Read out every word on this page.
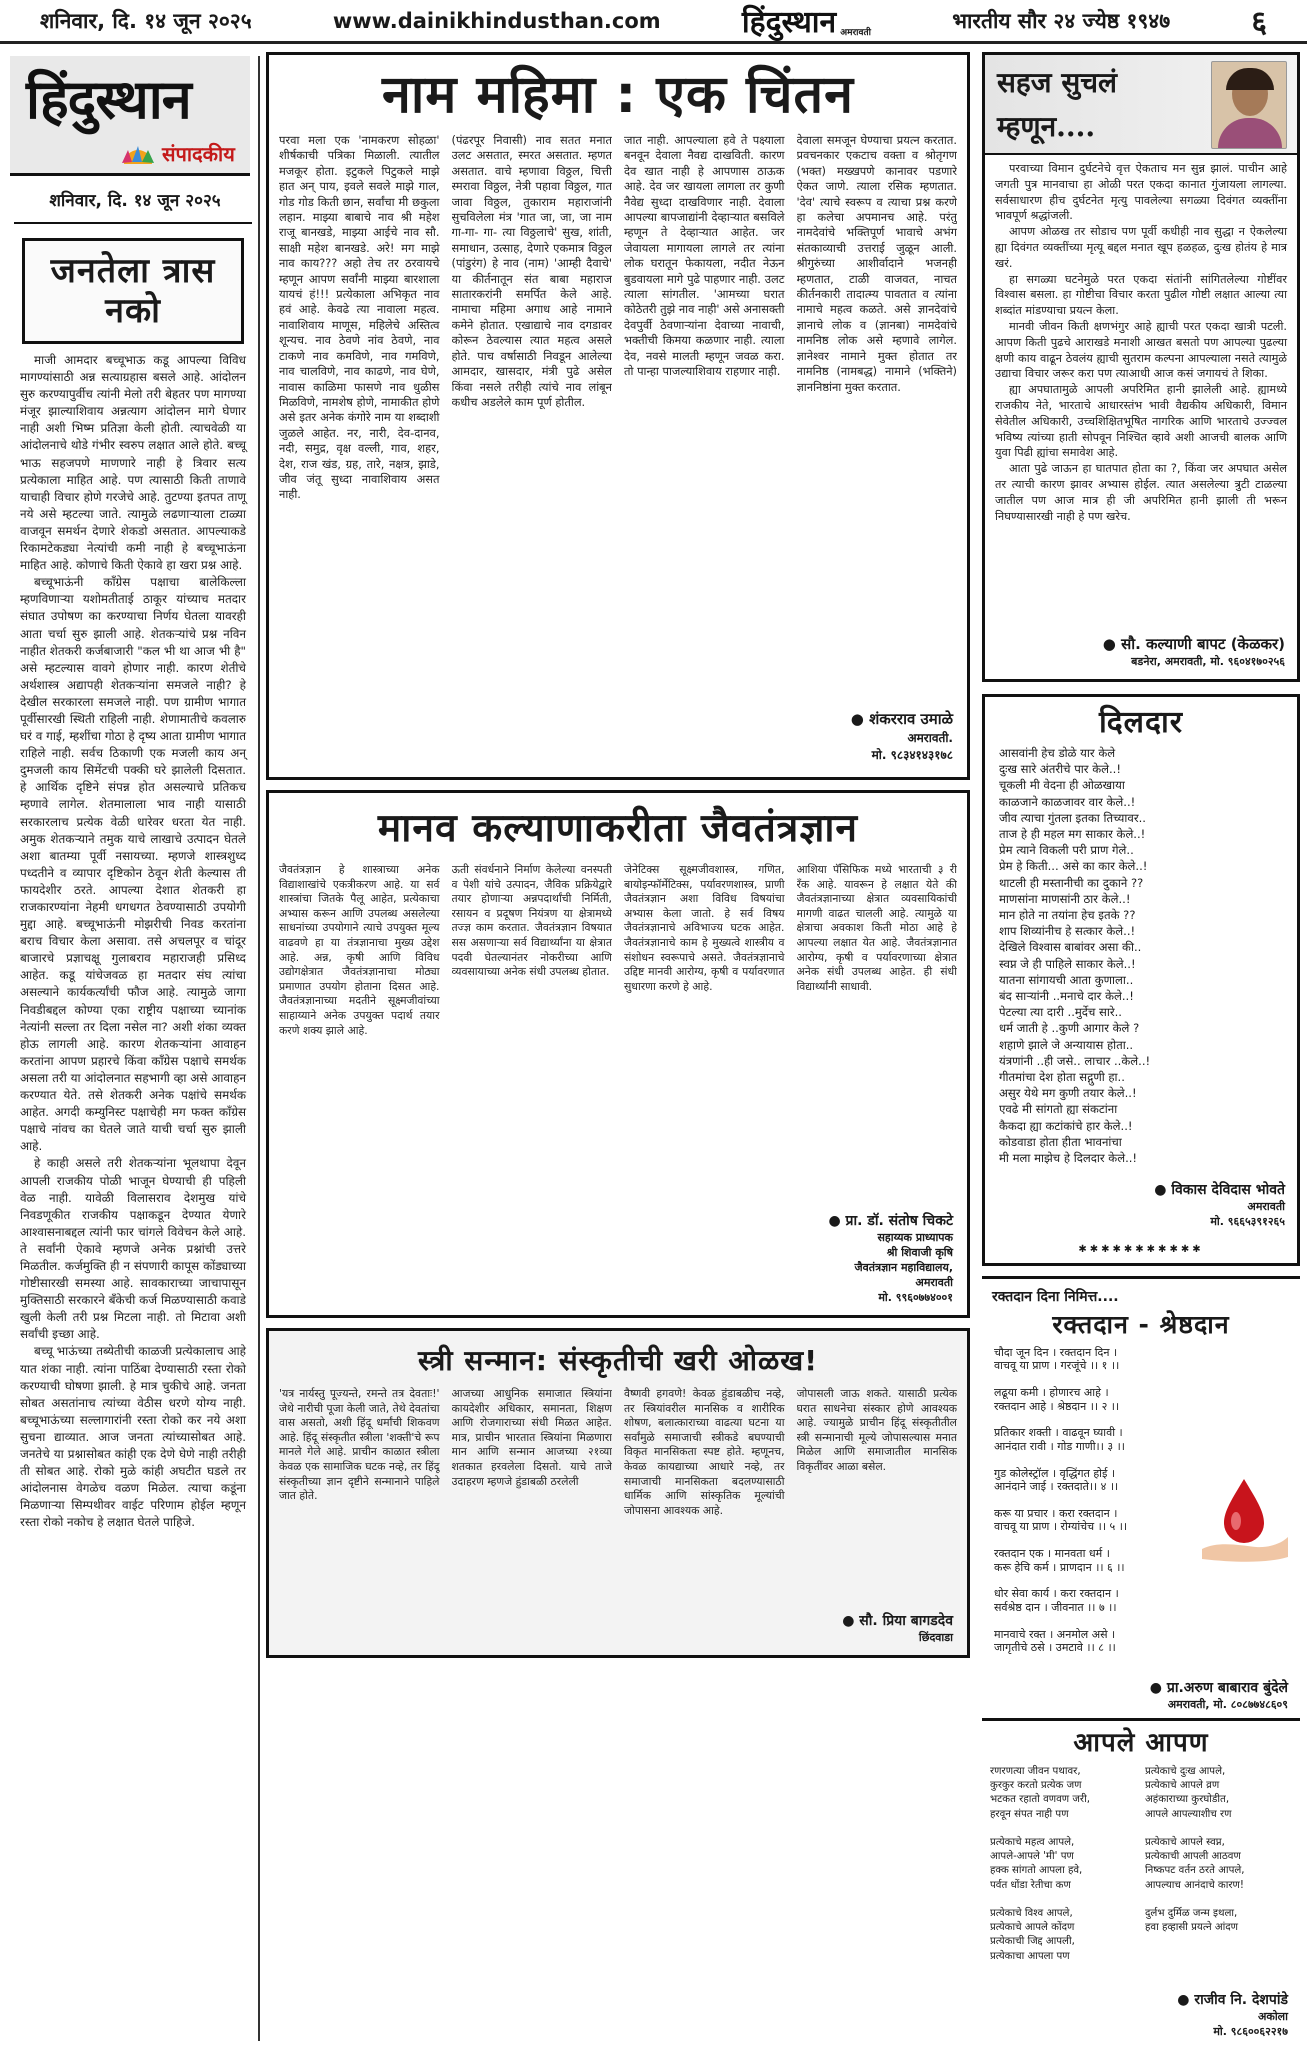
शनिवार, दि. १४ जून २०२५	www.dainikhindusthan.com	हिंदुस्थान अमरावती
भारतीय सौर २४ ज्येष्ठ १९४७	६
हिंदुस्थान
संपादकीय
शनिवार, दि. १४ जून २०२५
जनतेला त्रास नको

माजी आमदार बच्चूभाऊ कडू आपल्या विविध मागण्यांसाठी अन्न सत्याग्रहास बसले आहे. आंदोलन सुरु करण्यापुर्वीच त्यांनी मेलो तरी बेहतर पण मागण्या मंजूर झाल्याशिवाय अन्नत्याग आंदोलन मागे घेणार नाही अशी भिष्म प्रतिज्ञा केली होती. त्याचवेळी या आंदोलनाचे थोडे गंभीर स्वरुप लक्षात आले होते. बच्चू भाऊ सहजपणे माणणारे नाही हे त्रिवार सत्य प्रत्येकाला माहित आहे. पण त्यासाठी किती ताणावे याचाही विचार होणे गरजेचे आहे. तुटण्या इतपत ताणू नये असे म्हटल्या जाते. त्यामुळे लढणाऱ्याला टाळ्या वाजवून समर्थन देणारे शेकडो असतात. आपल्याकडे रिकामटेकड्या नेत्यांची कमी नाही हे बच्चूभाऊंना माहित आहे. कोणाचे किती ऐकावे हा खरा प्रश्न आहे.

बच्चूभाऊंनी काँग्रेस पक्षाचा बालेकिल्ला म्हणविणाऱ्या यशोमतीताई ठाकूर यांच्याच मतदार संघात उपोषण का करण्याचा निर्णय घेतला यावरही आता चर्चा सुरु झाली आहे. शेतकऱ्यांचे प्रश्न नविन नाहीत शेतकरी कर्जबाजारी "कल भी था आज भी है" असे म्हटल्यास वावगे होणार नाही. कारण शेतीचे अर्थशास्त्र अद्यापही शेतकऱ्यांना समजले नाही? हे देखील सरकारला समजले नाही. पण ग्रामीण भागात पूर्वीसारखी स्थिती राहिली नाही. शेणामातीचे कवलारु घरं व गाई, म्हशींचा गोठा हे दृष्य आता ग्रामीण भागात राहिले नाही. सर्वच ठिकाणी एक मजली काय अन् दुमजली काय सिमेंटची पक्की घरे झालेली दिसतात. हे आर्थिक दृष्टिने संपन्न होत असल्याचे प्रतिकच म्हणावे लागेल. शेतमालाला भाव नाही यासाठी सरकारलाच प्रत्येक वेळी धारेवर धरता येत नाही. अमुक शेतकऱ्याने तमुक याचे लाखाचे उत्पादन घेतले अशा बातम्या पूर्वी नसायच्या. म्हणजे शास्त्रशुध्द पध्दतीने व व्यापार दृष्टिकोन ठेवून शेती केल्यास ती फायदेशीर ठरते. आपल्या देशात शेतकरी हा राजकारण्यांना नेहमी धगधगत ठेवण्यासाठी उपयोगी मुद्दा आहे. बच्चूभाऊंनी मोझरीची निवड करतांना बराच विचार केला असावा. तसे अचलपूर व चांदूर बाजारचे प्रज्ञाचक्षू गुलाबराव महाराजही प्रसिध्द आहेत. कडू यांचेजवळ हा मतदार संघ त्यांचा असल्याने कार्यकर्त्यांची फौज आहे. त्यामुळे जागा निवडीबद्दल कोण्या एका राष्ट्रीय पक्षाच्या च्यानांक नेत्यांनी सल्ला तर दिला नसेल ना? अशी शंका व्यक्त होऊ लागली आहे. कारण शेतकऱ्यांना आवाहन करतांना आपण प्रहारचे किंवा काँग्रेस पक्षाचे समर्थक असला तरी या आंदोलनात सहभागी व्हा असे आवाहन करण्यात येते. तसे शेतकरी अनेक पक्षांचे समर्थक आहेत. अगदी कम्युनिस्ट पक्षाचेही मग फक्त काँग्रेस पक्षाचे नांवच का घेतले जाते याची चर्चा सुरु झाली आहे.

हे काही असले तरी शेतकऱ्यांना भूलथापा देवून आपली राजकीय पोळी भाजून घेण्याची ही पहिली वेळ नाही. यावेळी विलासराव देशमुख यांचे निवडणूकीत राजकीय पक्षाकडून देण्यात येणारे आश्वासनाबद्दल त्यांनी फार चांगले विवेचन केले आहे. ते सर्वांनी ऐकावे म्हणजे अनेक प्रश्नांची उत्तरे मिळतील. कर्जमुक्ति ही न संपणारी कापूस कोंड्याच्या गोष्टीसारखी समस्या आहे. सावकाराच्या जाचापासून मुक्तिसाठी सरकारने बँकेची कर्ज मिळण्यासाठी कवाडे खुली केली तरी प्रश्न मिटला नाही. तो मिटावा अशी सर्वांची इच्छा आहे.

बच्चू भाऊंच्या तब्येतीची काळजी प्रत्येकालाच आहे यात शंका नाही. त्यांना पाठिंबा देण्यासाठी रस्ता रोको करण्याची घोषणा झाली. हे मात्र चुकीचे आहे. जनता सोबत असतांनाच त्यांच्या वेठीस धरणे योग्य नाही. बच्चूभाऊंच्या सल्लागारांनी रस्ता रोको कर नये अशा सुचना द्याव्यात. आज जनता त्यांच्यासोबत आहे. जनतेचे या प्रश्नासोबत कांही एक देणे घेणे नाही तरीही ती सोबत आहे. रोको मुळे कांही अघटीत घडले तर आंदोलनास वेगळेच वळण मिळेल. त्याचा कडूंना मिळणाऱ्या सिम्पथीवर वाईट परिणाम होईल म्हणून रस्ता रोको नकोच हे लक्षात घेतले पाहिजे.

नाम महिमा : एक चिंतन
परवा मला एक 'नामकरण सोहळा' शीर्षकाची पत्रिका मिळाली. त्यातील मजकूर होता. इटुकले पिटुकले माझे हात अन् पाय, इवले सवले माझे गाल, गोड गोड किती छान, सर्वांचा मी छकुला लहान. माझ्या बाबाचे नाव श्री महेश राजू बानखडे, माझ्या आईचे नाव सौ. साक्षी महेश बानखडे. अरे! मग माझे नाव काय??? अहो तेच तर ठरवायचे म्हणून आपण सर्वांनी माझ्या बारशाला यायचं हं!!! प्रत्येकाला अभिकृत नाव हवं आहे. केवढे त्या नावाला महत्व. नावाशिवाय माणूस, महिलेचे अस्तित्व शून्यच. नाव ठेवणे नांव ठेवणे, नाव टाकणे नाव कमविणे, नाव गमविणे, नाव चालविणे, नाव काढणे, नाव घेणे, नावास काळिमा फासणे नाव धुळीस मिळविणे, नामशेष होणे, नामाकीत होणे असे इतर अनेक कंगोरे नाम या शब्दाशी जुळले आहेत. नर, नारी, देव-दानव, नदी, समुद्र, वृक्ष वल्ली, गाव, शहर, देश, राज खंड, ग्रह, तारे, नक्षत्र, झाडे, जीव जंतू सुध्दा नावाशिवाय असत नाही.
(पंढरपूर निवासी) नाव सतत मनात उलट असतात, स्मरत असतात. म्हणत असतात. वाचे म्हणावा विठ्ठल, चित्ती स्मरावा विठ्ठल, नेत्री पहावा विठ्ठल, गात जावा विठ्ठल, तुकाराम महाराजांनी सुचविलेला मंत्र 'गात जा, जा, जा नाम गा-गा- गा- त्या विठ्ठलाचे' सुख, शांती, समाधान, उत्साह, देणारे एकमात्र विठ्ठल (पांडुरंग) हे नाव (नाम) 'आम्ही दैवाचे' या कीर्तनातून संत बाबा महाराज सातारकरांनी समर्पित केले आहे. नामाचा महिमा अगाध आहे नामाने कमेने होतात. एखाद्याचे नाव दगडावर कोरून ठेवल्यास त्यात महत्व असले होते. पाच वर्षासाठी निवडून आलेल्या आमदार, खासदार, मंत्री पुढे असेल किंवा नसले तरीही त्यांचे नाव लांबून कधीच अडलेले काम पूर्ण होतील.
जात नाही. आपल्याला हवे ते पक्ष्याला बनवून देवाला नैवद्य दाखविती. कारण देव खात नाही हे आपणास ठाऊक आहे. देव जर खायला लागला तर कुणी नैवेद्य सुध्दा दाखविणार नाही. देवाला आपल्या बापजाद्यांनी देव्हाऱ्यात बसविले म्हणून ते देव्हाऱ्यात आहेत. जर जेवायला मागायला लागले तर त्यांना लोक घरातून फेकायला, नदीत नेऊन बुडवायला मागे पुढे पाहणार नाही. उलट त्याला सांगतील. 'आमच्या घरात कोठेतरी तुझे नाव नाही' असे अनासक्ती देवपुर्वी ठेवणाऱ्यांना देवाच्या नावाची, भक्तीची किमया कळणार नाही. त्याला देव, नवसे मालती म्हणून जवळ करा. तो पान्हा पाजल्याशिवाय राहणार नाही.
देवाला समजून घेण्याचा प्रयत्न करतात. प्रवचनकार एकटाच वक्ता व श्रोतृगण (भक्त) मख्खपणे कानावर पडणारे ऐकत जाणे. त्याला रसिक म्हणतात. 'देव' त्याचे स्वरूप व त्याचा प्रश्न करणे हा कलेचा अपमानच आहे. परंतु नामदेवांचे भक्तिपूर्ण भावाचे अभंग संतकाव्याची उत्तराई जुळून आली. श्रीगुरुंच्या आशीर्वादाने भजनही म्हणतात, टाळी वाजवत, नाचत कीर्तनकारी तादात्म्य पावतात व त्यांना नामाचे महत्व कळते. असे ज्ञानदेवांचे ज्ञानाचे लोक व (ज्ञानबा) नामदेवांचे नामनिष्ठ लोक असे म्हणावे लागेल. ज्ञानेश्वर नामाने मुक्त होतात तर नामनिष्ठ (नामबद्ध) नामाने (भक्तिने) ज्ञाननिष्ठांना मुक्त करतात.
● शंकरराव उमाळे
अमरावती.
मो. ९८३४१४३१७८
सहज सुचलं
म्हणून....

परवाच्या विमान दुर्घटनेचे वृत्त ऐकताच मन सुन्न झालं. पाचीन आहे जगती पुत्र मानवाचा हा ओळी परत एकदा कानात गुंजायला लागल्या. सर्वसाधारण हीच दुर्घटनेत मृत्यु पावलेल्या सगळ्या दिवंगत व्यक्तींना भावपूर्ण श्रद्धांजली.

आपण ओळख तर सोडाच पण पूर्वी कधीही नाव सुद्धा न ऐकलेल्या ह्या दिवंगत व्यक्तींच्या मृत्यू बद्दल मनात खूप हळहळ, दुःख होतंय हे मात्र खरं.

हा सगळ्या घटनेमुळे परत एकदा संतांनी सांगितलेल्या गोष्टींवर विश्वास बसला. हा गोष्टीचा विचार करता पुढील गोष्टी लक्षात आल्या त्या शब्दांत मांडण्याचा प्रयत्न केला.

मानवी जीवन किती क्षणभंगुर आहे ह्याची परत एकदा खात्री पटली. आपण किती पुढचे आराखडे मनाशी आखत बसतो पण आपल्या पुढल्या क्षणी काय वाढून ठेवलंय ह्याची सुतराम कल्पना आपल्याला नसते त्यामुळे उद्याचा विचार जरूर करा पण त्याआधी आज कसं जगायचं ते शिका.

ह्या अपघातामुळे आपली अपरिमित हानी झालेली आहे. ह्यामध्ये राजकीय नेते, भारताचे आधारस्तंभ भावी वैद्यकीय अधिकारी, विमान सेवेतील अधिकारी, उच्चशिक्षितभूषित नागरिक आणि भारताचे उज्ज्वल भविष्य त्यांच्या हाती सोपवून निश्चित व्हावे अशी आजची बालक आणि युवा पिढी ह्यांचा समावेश आहे.

आता पुढे जाऊन हा घातपात होता का ?, किंवा जर अपघात असेल तर त्याची कारण झावर अभ्यास होईल. त्यात असलेल्या त्रुटी टाळल्या जातील पण आज मात्र ही जी अपरिमित हानी झाली ती भरून निघण्यासारखी नाही हे पण खरेच.

● सौ. कल्याणी बापट (केळकर)
बडनेरा, अमरावती, मो. ९६०४१७०२५६
दिलदार
आसवांनी हेच डोळे यार केले
दुःख सारे अंतरीचे पार केले..!
चूकली मी वेदना ही ओळखाया
काळजाने काळजावर वार केले..!
जीव त्याचा गुंतला इतका तिच्यावर..
ताज हे ही महल मग साकार केले..!
प्रेम त्याने विकली परी प्राण गेले..
प्रेम हे किती... असे का कार केले..!
थाटली ही मस्तानीची का दुकाने ??
माणसांना माणसांनी ठार केले..!
मान होते ना तयांना हेच इतके ??
शाप शिव्यांनीच हे सत्कार केले..!
देखिले विश्वास बाबांवर असा की..
स्वप्न जे ही पाहिले साकार केले..!
यातना सांगायची आता कुणाला..
बंद सार्‍यांनी ..मनाचे दार केले..!
पेटल्या त्या दारी ..मुर्देच सारे..
धर्म जाती हे ..कुणी आगार केले ?
शहाणे झाले जे अन्यायास होता..
यंत्रणांनी ..ही जसे.. लाचार ..केले..!
गीतमांचा देश होता सद्गुणी हा..
असुर येथे मग कुणी तयार केले..!
एवढे मी सांगतो ह्या संकटांना
कैकदा ह्या कटांकांचे हार केले..!
कोडवाडा होता हीता भावनांचा
मी मला माझेच हे दिलदार केले..!
● विकास देविदास भोवते
अमरावती
मो. ९६६५३९१२६५
✱✱✱✱✱✱✱✱✱✱✱
रक्तदान दिना निमित्त....
रक्तदान - श्रेष्ठदान
चौदा जून दिन । रक्तदान दिन ।
वाचवू या प्राण । गरजूंचे ।। १ ।।

लढूया कमी । होणारच आहे ।
रक्तदान आहे । श्रेष्ठदान ।। २ ।।

प्रतिकार शक्ती । वाढवून घ्यावी ।
आनंदात रावी । गोड गाणी।। ३ ।।

गुड कोलेस्ट्रॉल । वृद्धिंगत होई ।
आनंदाने जाई । रक्तदाते।। ४ ।।

करू या प्रचार । करा रक्तदान ।
वाचवू या प्राण । रोग्यांचेच ।। ५ ।।

रक्तदान एक । मानवता धर्म ।
करू हेचि कर्म । प्राणदान ।। ६ ।।

धोर सेवा कार्य । करा रक्तदान ।
सर्वश्रेष्ठ दान । जीवनात ।। ७ ।।

मानवाचे रक्त । अनमोल असे ।
जागृतीचे ठसे । उमटावे ।। ८ ।।
● प्रा.अरुण बाबाराव बुंदेले
अमरावती, मो. ८०८७७४८६०९
आपले आपण
रणरणत्या जीवन पथावर,
कुरकुर करतो प्रत्येक जण
भटकत रहातो वणवण जरी,
हरवून संपत नाही पण

प्रत्येकाचे महत्व आपले,
आपले-आपले 'मी' पण
हक्क सांगतो आपला हवे,
पर्वत धोंडा रेतीचा कण

प्रत्येकाचे विश्व आपले,
प्रत्येकाचे आपले कोंदण
प्रत्येकाची जिद्द आपली,
प्रत्येकाचा आपला पण
प्रत्येकाचे दुःख आपले,
प्रत्येकाचे आपले व्रण
अहंकाराच्या कुरघोडीत,
आपले आपल्याशीच रण

प्रत्येकाचे आपले स्वप्न,
प्रत्येकाची आपली आठवण
निष्कपट वर्तन ठरते आपले,
आपल्याच आनंदाचे कारण!

दुर्लभ दुर्मिळ जन्म इथला,
हवा हव्हासी प्रयत्ने आंदण
● राजीव नि. देशपांडे
अकोला
मो. ९८६००६२२१७
मानव कल्याणाकरीता जैवतंत्रज्ञान
जैवतंत्रज्ञान हे शास्त्राच्या अनेक विद्याशाखांचे एकत्रीकरण आहे. या सर्व शास्त्रांचा जितके पैलू आहेत, प्रत्येकाचा अभ्यास करून आणि उपलब्ध असलेल्या साधनांच्या उपयोगाने त्याचे उपयुक्त मूल्य वाढवणे हा या तंत्रज्ञानाचा मुख्य उद्देश आहे. अन्न, कृषी आणि विविध उद्योगक्षेत्रात जैवतंत्रज्ञानाचा मोठ्या प्रमाणात उपयोग होताना दिसत आहे. जैवतंत्रज्ञानाच्या मदतीने सूक्ष्मजीवांच्या साहाय्याने अनेक उपयुक्त पदार्थ तयार करणे शक्य झाले आहे.
ऊती संवर्धनाने निर्माण केलेल्या वनस्पती व पेशी यांचे उत्पादन, जैविक प्रक्रियेद्वारे तयार होणाऱ्या अन्नपदार्थांची निर्मिती, रसायन व प्रदूषण नियंत्रण या क्षेत्रामध्ये तज्ज्ञ काम करतात. जैवतंत्रज्ञान विषयात सस असणाऱ्या सर्व विद्यार्थ्यांना या क्षेत्रात पदवी घेतल्यानंतर नोकरीच्या आणि व्यवसायाच्या अनेक संधी उपलब्ध होतात.
जेनेटिक्स सूक्ष्मजीवशास्त्र, गणित, बायोइन्फॉर्मेटिक्स, पर्यावरणशास्त्र, प्राणी जैवतंत्रज्ञान अशा विविध विषयांचा अभ्यास केला जातो. हे सर्व विषय जैवतंत्रज्ञानाचे अविभाज्य घटक आहेत. जैवतंत्रज्ञानाचे काम हे मुख्यत्वे शास्त्रीय व संशोधन स्वरूपाचे असते. जैवतंत्रज्ञानाचे उद्दिष्ट मानवी आरोग्य, कृषी व पर्यावरणात सुधारणा करणे हे आहे.
आशिया पॅसिफिक मध्ये भारताची ३ री रँक आहे. यावरून हे लक्षात येते की जैवतंत्रज्ञानाच्या क्षेत्रात व्यवसायिकांची मागणी वाढत चालली आहे. त्यामुळे या क्षेत्राचा अवकाश किती मोठा आहे हे आपल्या लक्षात येत आहे. जैवतंत्रज्ञानात आरोग्य, कृषी व पर्यावरणाच्या क्षेत्रात अनेक संधी उपलब्ध आहेत. ही संधी विद्यार्थ्यांनी साधावी.
● प्रा. डॉ. संतोष चिकटे
सहाय्यक प्राध्यापक
श्री शिवाजी कृषि
जैवतंत्रज्ञान महाविद्यालय,
अमरावती
मो. ९९६०७७४००१
स्त्री सन्मान: संस्कृतीची खरी ओळख!
'यत्र नार्यस्तु पूज्यन्ते, रमन्ते तत्र देवताः!' जेथे नारीची पूजा केली जाते, तेथे देवतांचा वास असतो, अशी हिंदू धर्मांची शिकवण आहे. हिंदू संस्कृतीत स्त्रीला 'शक्ती'चे रूप मानले गेले आहे. प्राचीन काळात स्त्रीला केवळ एक सामाजिक घटक नव्हे, तर हिंदू संस्कृतीच्या ज्ञान दृष्टीने सन्मानाने पाहिले जात होते.
आजच्या आधुनिक समाजात स्त्रियांना कायदेशीर अधिकार, समानता, शिक्षण आणि रोजगाराच्या संधी मिळत आहेत. मात्र, प्राचीन भारतात स्त्रियांना मिळणारा मान आणि सन्मान आजच्या २१व्या शतकात हरवलेला दिसतो. याचे ताजे उदाहरण म्हणजे हुंडाबळी ठरलेली
वैष्णवी हगवणे! केवळ हुंडाबळीच नव्हे, तर स्त्रियांवरील मानसिक व शारीरिक शोषण, बलात्काराच्या वाढत्या घटना या सर्वांमुळे समाजाची स्त्रीकडे बघण्याची विकृत मानसिकता स्पष्ट होते. म्हणूनच, केवळ कायद्याच्या आधारे नव्हे, तर समाजाची मानसिकता बदलण्यासाठी धार्मिक आणि सांस्कृतिक मूल्यांची जोपासना आवश्यक आहे.
जोपासली जाऊ शकते. यासाठी प्रत्येक घरात साधनेचा संस्कार होणे आवश्यक आहे. ज्यामुळे प्राचीन हिंदू संस्कृतीतील स्त्री सन्मानाची मूल्ये जोपासल्यास मनात मिळेल आणि समाजातील मानसिक विकृतींवर आळा बसेल.
● सौ. प्रिया बागडदेव
छिंदवाडा
